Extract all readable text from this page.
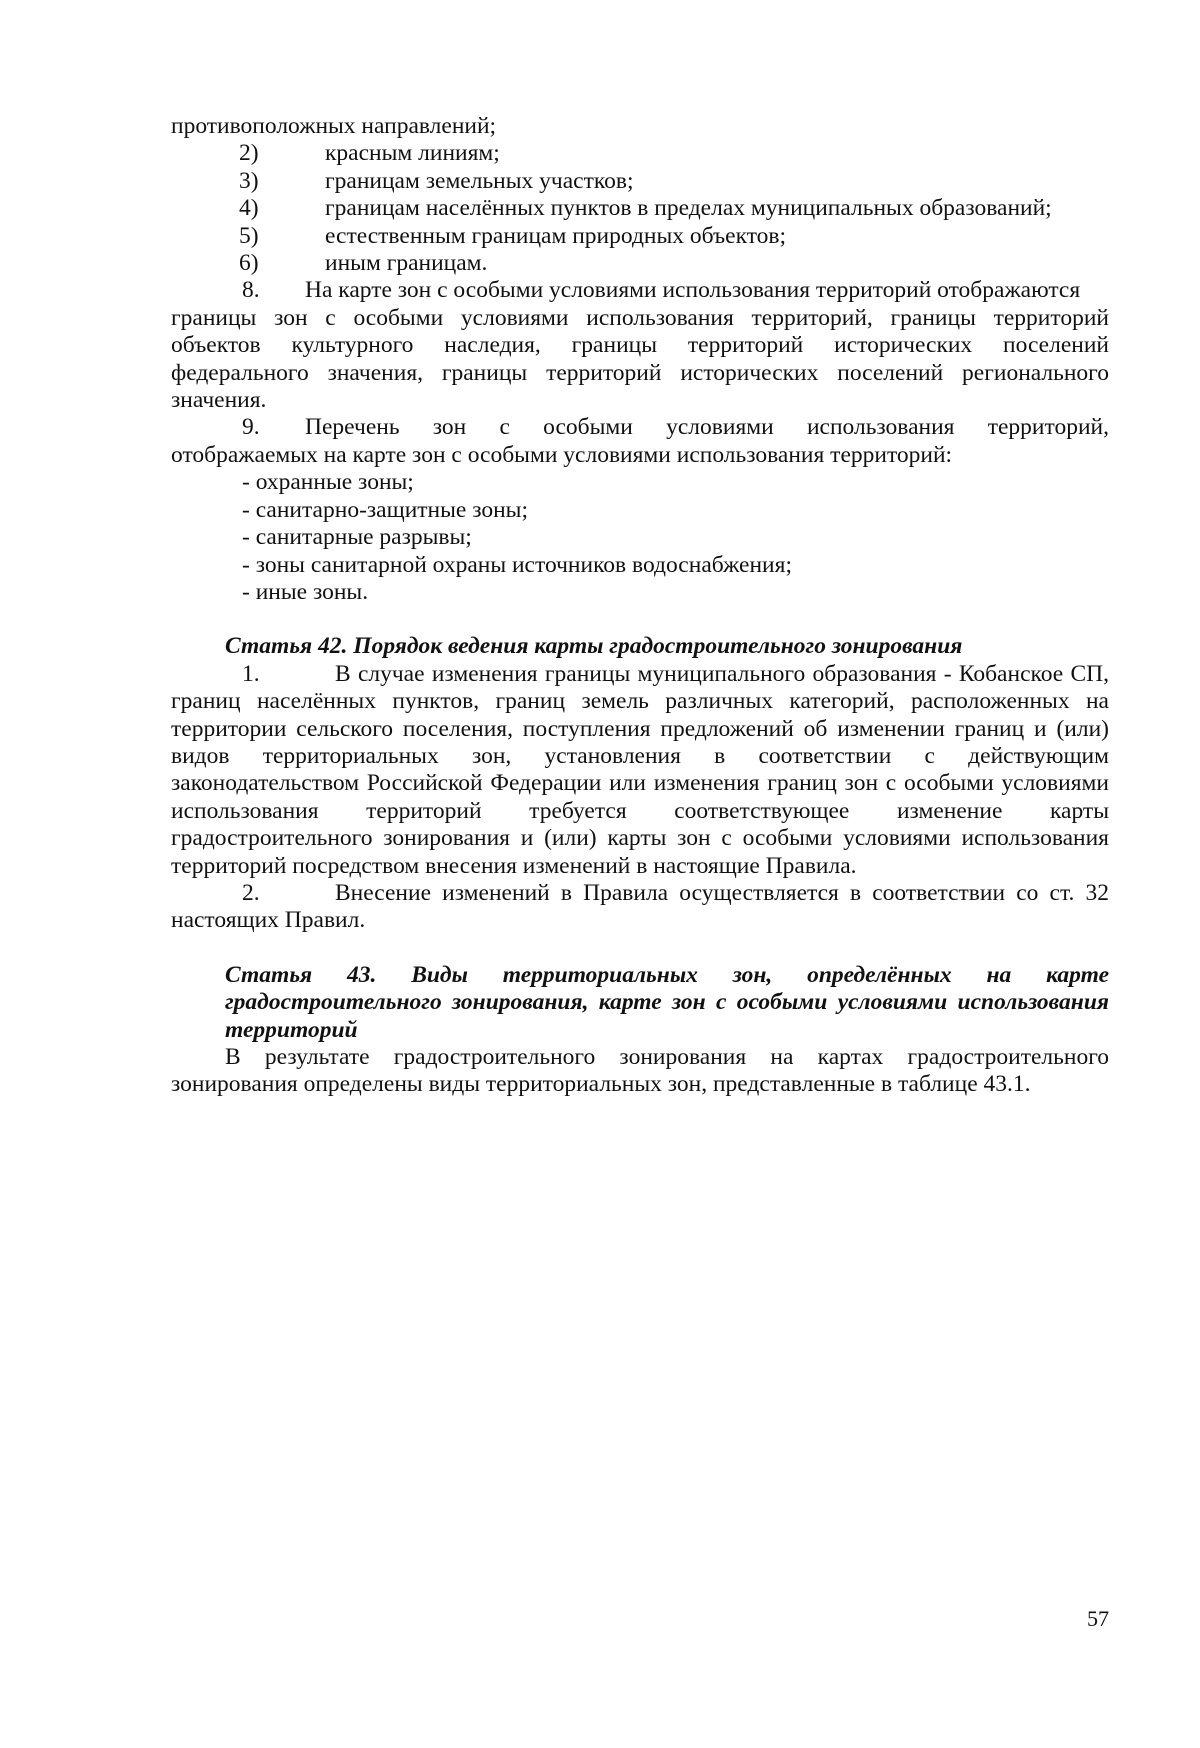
противоположных направлений;
2)	красным линиям;
3)	границам земельных участков;
4)	границам населённых пунктов в пределах муниципальных образований;
5)	естественным границам природных объектов;
6)	иным границам.
8. На карте зон с особыми условиями использования территорий отображаются
границы зон с особыми условиями использования территорий, границы территорий
объектов культурного наследия, границы территорий исторических поселений
федерального значения, границы территорий исторических поселений регионального
значения.
9. Перечень зон с особыми условиями использования территорий,
отображаемых на карте зон с особыми условиями использования территорий:
- охранные зоны;
- санитарно-защитные зоны;
- санитарные разрывы;
- зоны санитарной охраны источников водоснабжения;
- иные зоны.
Статья 42. Порядок ведения карты градостроительного зонирования
1.	В случае изменения границы муниципального образования - Кобанское СП,
границ населённых пунктов, границ земель различных категорий, расположенных на
территории сельского поселения, поступления предложений об изменении границ и (или)
видов территориальных зон, установления в соответствии с действующим
законодательством Российской Федерации или изменения границ зон с особыми условиями
использования территорий требуется соответствующее изменение карты
градостроительного зонирования и (или) карты зон с особыми условиями использования
территорий посредством внесения изменений в настоящие Правила.
2.	Внесение изменений в Правила осуществляется в соответствии со ст. 32
настоящих Правил.
Статья 43. Виды территориальных зон, определённых на карте
градостроительного зонирования, карте зон с особыми условиями использования
территорий
В результате градостроительного зонирования на картах градостроительного
зонирования определены виды территориальных зон, представленные в таблице 43.1.
57
